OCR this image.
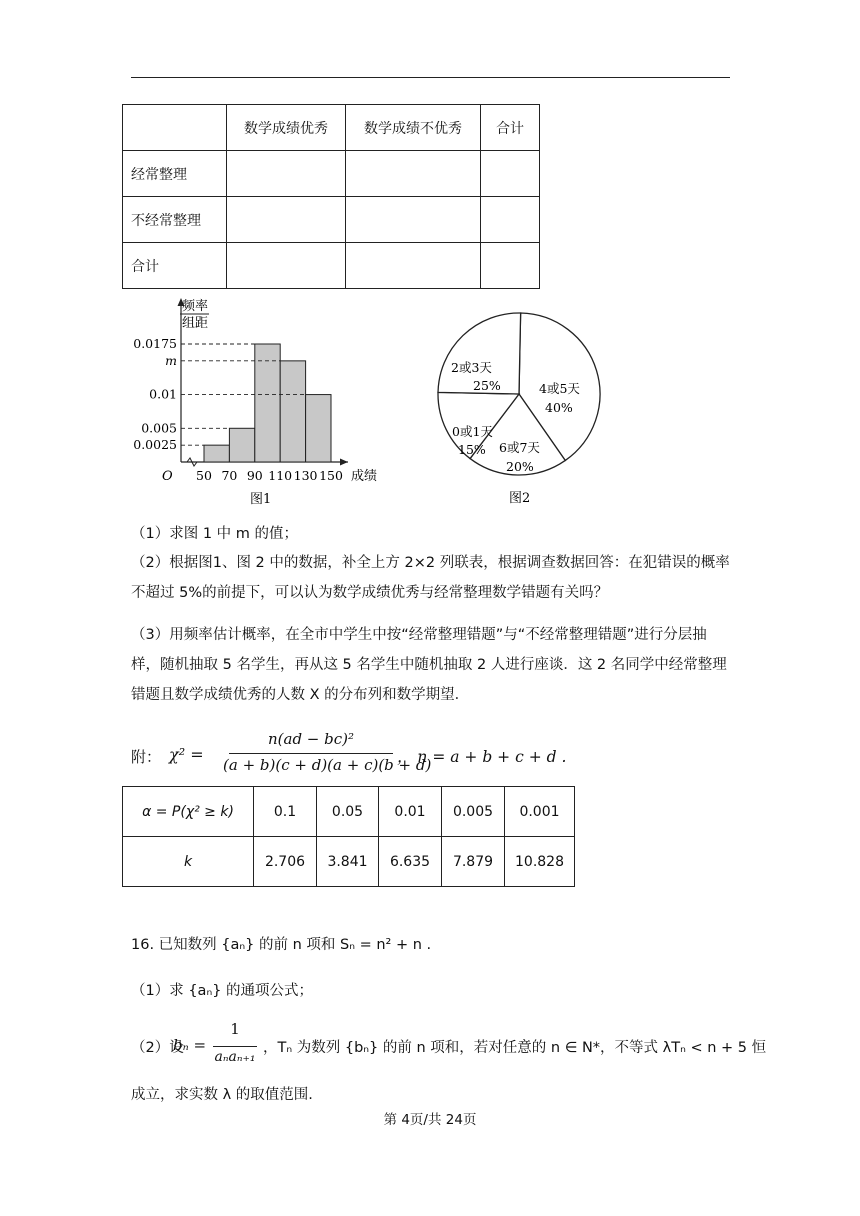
	数学成绩优秀	数学成绩不优秀	合计
经常整理			
不经常整理			
合计			
0.0175
m
0.01
0.005
0.0025
50 70 90 110 130 150
频率
组距
O	成绩
图1
2或3天
25%	4或5天
40%
6或7天
20%
0或1天
15%
图2
（1）求图 1 中 m 的值；
（2）根据图1、图 2 中的数据，补全上方 2×2 列联表，根据调查数据回答：在犯错误的概率不超过 5%的前提下，可以认为数学成绩优秀与经常整理数学错题有关吗？
（3）用频率估计概率，在全市中学生中按“经常整理错题”与“不经常整理错题”进行分层抽样，随机抽取 5 名学生，再从这 5 名学生中随机抽取 2 人进行座谈．这 2 名同学中经常整理错题且数学成绩优秀的人数 X 的分布列和数学期望．
附： χ² =
n(ad − bc)²
(a + b)(c + d)(a + c)(b + d)
， n = a + b + c + d .
α = P(χ² ≥ k)	0.1	0.05	0.01	0.005	0.001
k	2.706	3.841	6.635	7.879	10.828
16. 已知数列 {aₙ} 的前 n 项和 Sₙ = n² + n .
（1）求 {aₙ} 的通项公式；
（2）设
bₙ =
1
aₙaₙ₊₁
，Tₙ 为数列 {bₙ} 的前 n 项和，若对任意的 n ∈ N*，不等式 λTₙ < n + 5 恒
成立，求实数 λ 的取值范围.
第 4页/共 24页
